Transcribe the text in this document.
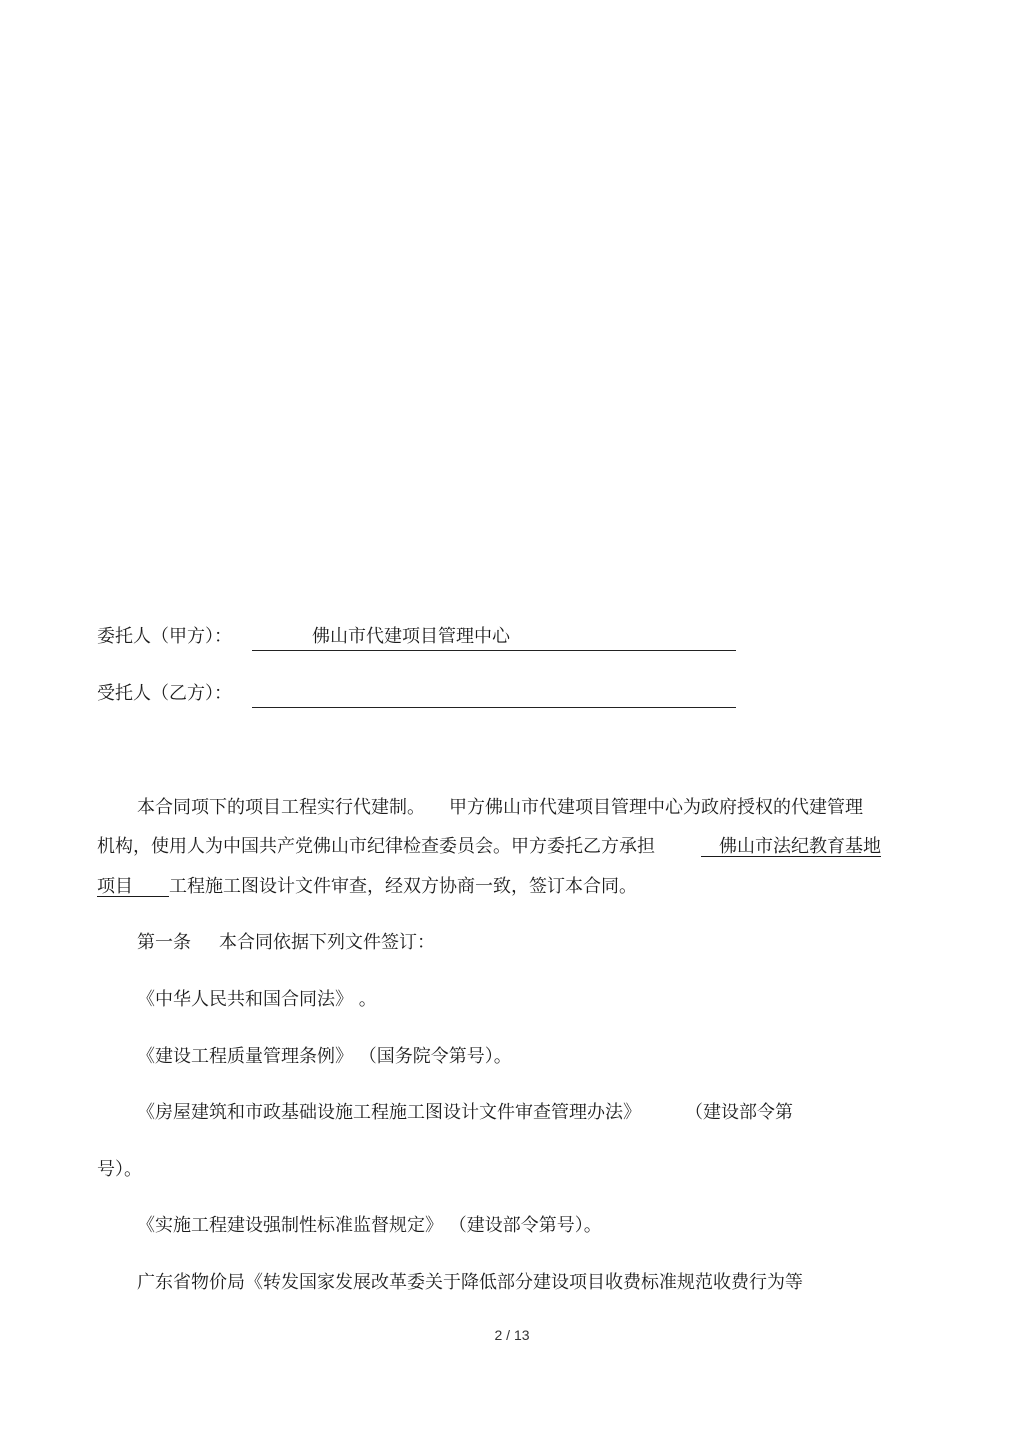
委托人（甲方）：	佛山市代建项目管理中心
受托人（乙方）：
本合同项下的项目工程实行代建制。 甲方佛山市代建项目管理中心为政府授权的代建管理
机构，使用人为中国共产党佛山市纪律检查委员会。甲方委托乙方承担  	佛山市法纪教育基地
项目     工程施工图设计文件审查，经双方协商一致，签订本合同。
第一条 本合同依据下列文件签订：
《中华人民共和国合同法》 。
《建设工程质量管理条例》 （国务院令第号）。
《房屋建筑和市政基础设施工程施工图设计文件审查管理办法》 （建设部令第
号）。
《实施工程建设强制性标准监督规定》 （建设部令第号）。
广东省物价局《转发国家发展改革委关于降低部分建设项目收费标准规范收费行为等
2 / 13
